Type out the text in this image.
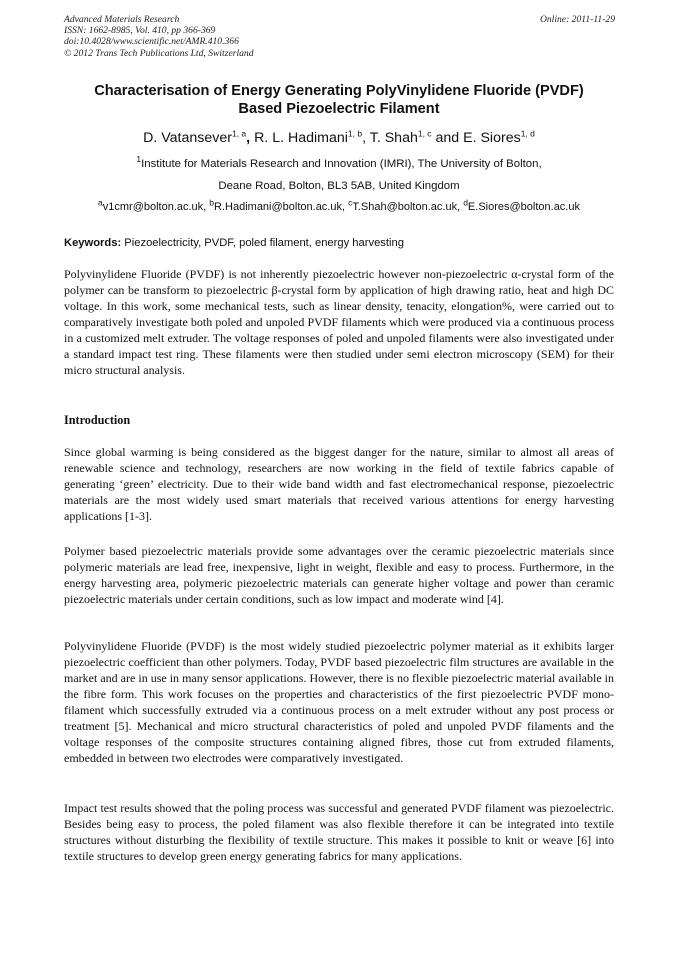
Advanced Materials Research
ISSN: 1662-8985, Vol. 410, pp 366-369
doi:10.4028/www.scientific.net/AMR.410.366
© 2012 Trans Tech Publications Ltd, Switzerland
Online: 2011-11-29
Characterisation of Energy Generating PolyVinylidene Fluoride (PVDF)
Based Piezoelectric Filament
D. Vatansever$^{1, a}$, R. L. Hadimani$^{1, b}$, T. Shah$^{1, c}$ and E. Siores$^{1, d}$
$^1$Institute for Materials Research and Innovation (IMRI), The University of Bolton,
Deane Road, Bolton, BL3 5AB, United Kingdom
$^a$v1cmr@bolton.ac.uk, $^b$R.Hadimani@bolton.ac.uk, $^c$T.Shah@bolton.ac.uk, $^d$E.Siores@bolton.ac.uk
Keywords: Piezoelectricity, PVDF, poled filament, energy harvesting

Polyvinylidene Fluoride (PVDF) is not inherently piezoelectric however non-piezoelectric α-crystal form of the polymer can be transform to piezoelectric β-crystal form by application of high drawing ratio, heat and high DC voltage. In this work, some mechanical tests, such as linear density, tenacity, elongation%, were carried out to comparatively investigate both poled and unpoled PVDF filaments which were produced via a continuous process in a customized melt extruder. The voltage responses of poled and unpoled filaments were also investigated under a standard impact test ring. These filaments were then studied under semi electron microscopy (SEM) for their micro structural analysis.

Introduction

Since global warming is being considered as the biggest danger for the nature, similar to almost all areas of renewable science and technology, researchers are now working in the field of textile fabrics capable of generating ‘green’ electricity. Due to their wide band width and fast electromechanical response, piezoelectric materials are the most widely used smart materials that received various attentions for energy harvesting applications [1-3].

Polymer based piezoelectric materials provide some advantages over the ceramic piezoelectric materials since polymeric materials are lead free, inexpensive, light in weight, flexible and easy to process. Furthermore, in the energy harvesting area, polymeric piezoelectric materials can generate higher voltage and power than ceramic piezoelectric materials under certain conditions, such as low impact and moderate wind [4].

Polyvinylidene Fluoride (PVDF) is the most widely studied piezoelectric polymer material as it exhibits larger piezoelectric coefficient than other polymers. Today, PVDF based piezoelectric film structures are available in the market and are in use in many sensor applications. However, there is no flexible piezoelectric material available in the fibre form. This work focuses on the properties and characteristics of the first piezoelectric PVDF mono-filament which successfully extruded via a continuous process on a melt extruder without any post process or treatment [5]. Mechanical and micro structural characteristics of poled and unpoled PVDF filaments and the voltage responses of the composite structures containing aligned fibres, those cut from extruded filaments, embedded in between two electrodes were comparatively investigated.

Impact test results showed that the poling process was successful and generated PVDF filament was piezoelectric. Besides being easy to process, the poled filament was also flexible therefore it can be integrated into textile structures without disturbing the flexibility of textile structure. This makes it possible to knit or weave [6] into textile structures to develop green energy generating fabrics for many applications.
